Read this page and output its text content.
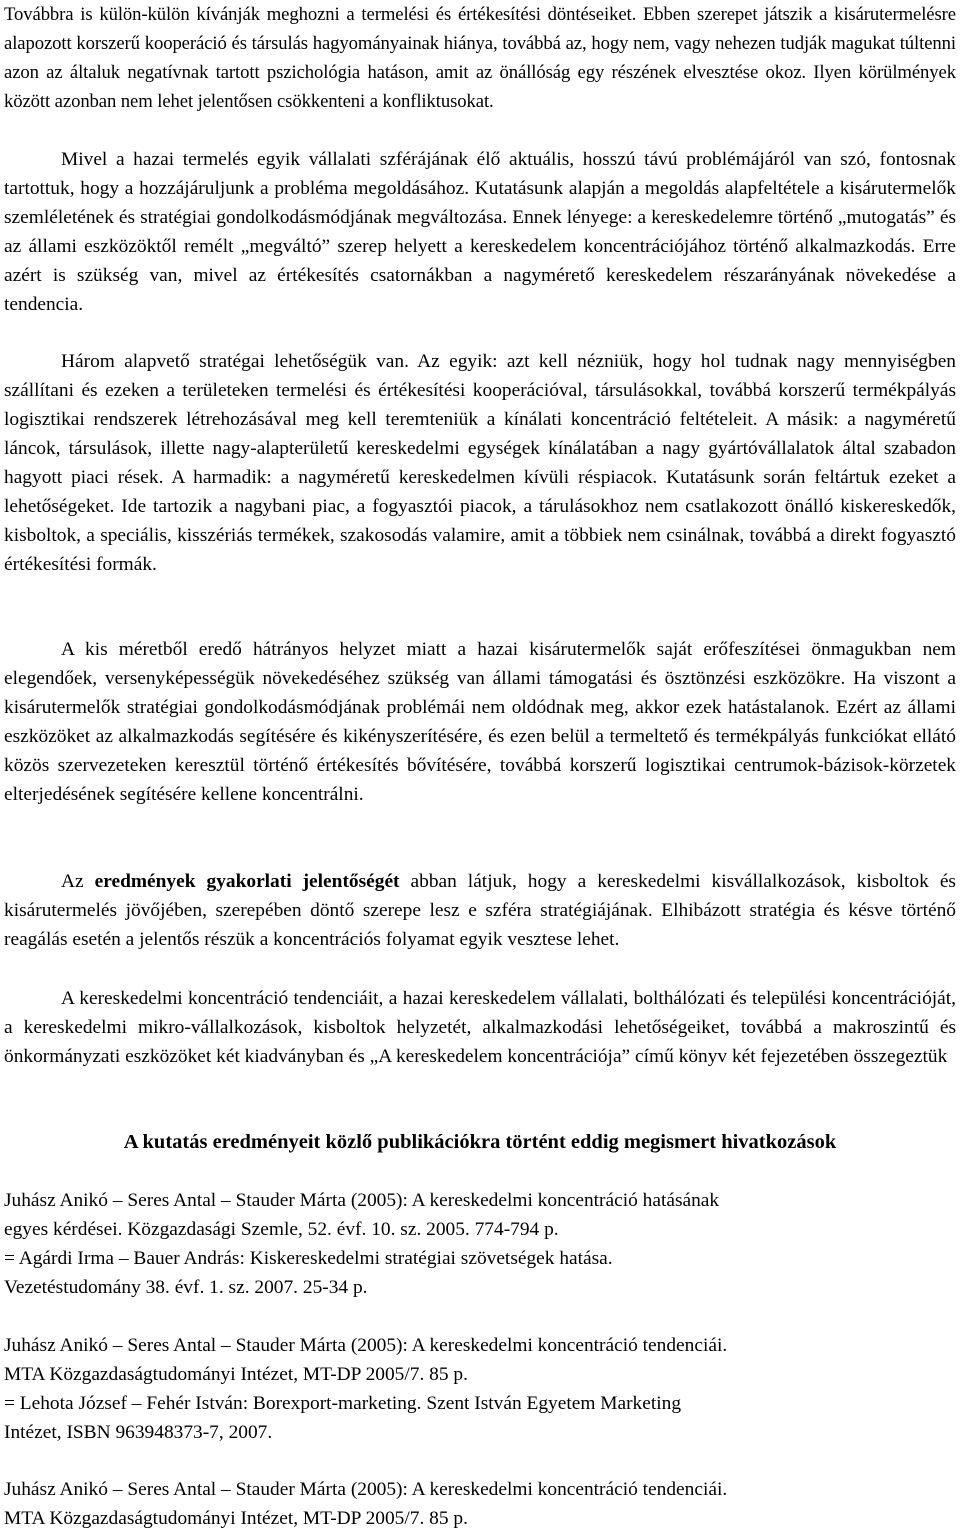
Továbbra is külön-külön kívánják meghozni a termelési és értékesítési döntéseiket. Ebben szerepet játszik a kisárutermelésre alapozott korszerű kooperáció és társulás hagyományainak hiánya, továbbá az, hogy nem, vagy nehezen tudják magukat túltenni azon az általuk negatívnak tartott pszichológia hatáson, amit az önállóság egy részének elvesztése okoz. Ilyen körülmények között azonban nem lehet jelentősen csökkenteni a konfliktusokat.

Mivel a hazai termelés egyik vállalati szférájának élő aktuális, hosszú távú problémájáról van szó, fontosnak tartottuk, hogy a hozzájáruljunk a probléma megoldásához. Kutatásunk alapján a megoldás alapfeltétele a kisárutermelők szemléletének és stratégiai gondolkodásmódjának megváltozása. Ennek lényege: a kereskedelemre történő „mutogatás” és az állami eszközöktől remélt „megváltó” szerep helyett a kereskedelem koncentrációjához történő alkalmazkodás. Erre azért is szükség van, mivel az értékesítés csatornákban a nagymérető kereskedelem részarányának növekedése a tendencia.

Három alapvető stratégai lehetőségük van. Az egyik: azt kell nézniük, hogy hol tudnak nagy mennyiségben szállítani és ezeken a területeken termelési és értékesítési kooperációval, társulásokkal, továbbá korszerű termékpályás logisztikai rendszerek létrehozásával meg kell teremteniük a kínálati koncentráció feltételeit. A másik: a nagyméretű láncok, társulások, illette nagy-alapterületű kereskedelmi egységek kínálatában a nagy gyártóvállalatok által szabadon hagyott piaci rések. A harmadik: a nagyméretű kereskedelmen kívüli réspiacok. Kutatásunk során feltártuk ezeket a lehetőségeket. Ide tartozik a nagybani piac, a fogyasztói piacok, a tárulásokhoz nem csatlakozott önálló kiskereskedők, kisboltok, a speciális, kisszériás termékek, szakosodás valamire, amit a többiek nem csinálnak, továbbá a direkt fogyasztó értékesítési formák.

A kis méretből eredő hátrányos helyzet miatt a hazai kisárutermelők saját erőfeszítései önmagukban nem elegendőek, versenyképességük növekedéséhez szükség van állami támogatási és ösztönzési eszközökre. Ha viszont a kisárutermelők stratégiai gondolkodásmódjának problémái nem oldódnak meg, akkor ezek hatástalanok. Ezért az állami eszközöket az alkalmazkodás segítésére és kikényszerítésére, és ezen belül a termeltető és termékpályás funkciókat ellátó közös szervezeteken keresztül történő értékesítés bővítésére, továbbá korszerű logisztikai centrumok-bázisok-körzetek elterjedésének segítésére kellene koncentrálni.

Az eredmények gyakorlati jelentőségét abban látjuk, hogy a kereskedelmi kisvállalkozások, kisboltok és kisárutermelés jövőjében, szerepében döntő szerepe lesz e szféra stratégiájának. Elhibázott stratégia és késve történő reagálás esetén a jelentős részük a koncentrációs folyamat egyik vesztese lehet.

A kereskedelmi koncentráció tendenciáit, a hazai kereskedelem vállalati, bolthálózati és települési koncentrációját, a kereskedelmi mikro-vállalkozások, kisboltok helyzetét, alkalmazkodási lehetőségeiket, továbbá a makroszintű és önkormányzati eszközöket két kiadványban és „A kereskedelem koncentrációja” című könyv két fejezetében összegeztük

A kutatás eredményeit közlő publikációkra történt eddig megismert hivatkozások
Juhász Anikó – Seres Antal – Stauder Márta (2005): A kereskedelmi koncentráció hatásának
egyes kérdései. Közgazdasági Szemle, 52. évf. 10. sz. 2005. 774-794 p.
= Agárdi Irma – Bauer András: Kiskereskedelmi stratégiai szövetségek hatása.
Vezetéstudomány 38. évf. 1. sz. 2007. 25-34 p.
Juhász Anikó – Seres Antal – Stauder Márta (2005): A kereskedelmi koncentráció tendenciái.
MTA Közgazdaságtudományi Intézet, MT-DP 2005/7. 85 p.
= Lehota József – Fehér István: Borexport-marketing. Szent István Egyetem Marketing
Intézet, ISBN 963948373-7, 2007.
Juhász Anikó – Seres Antal – Stauder Márta (2005): A kereskedelmi koncentráció tendenciái.
MTA Közgazdaságtudományi Intézet, MT-DP 2005/7. 85 p.
